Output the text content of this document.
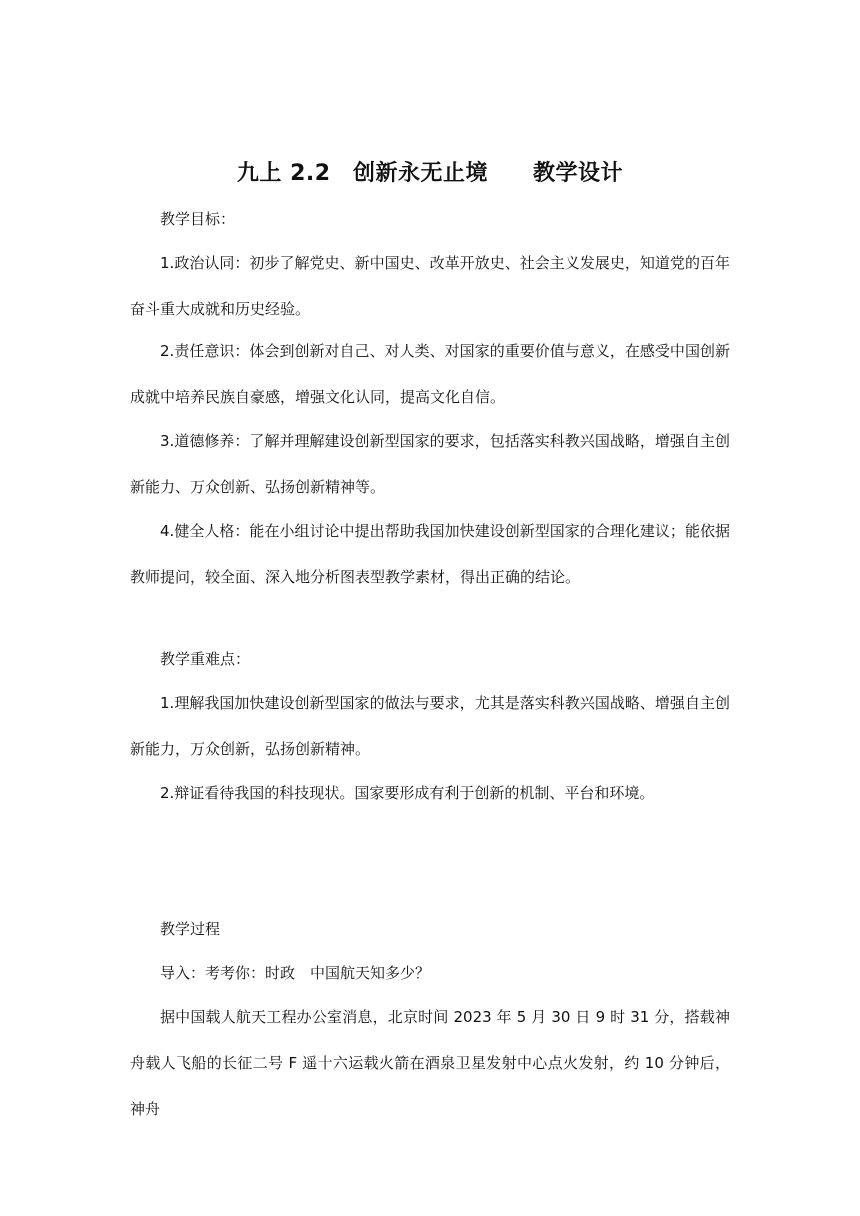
九上 2.2　创新永无止境　　教学设计
教学目标：
1.政治认同：初步了解党史、新中国史、改革开放史、社会主义发展史，知道党的百年奋斗重大成就和历史经验。
2.责任意识：体会到创新对自己、对人类、对国家的重要价值与意义，在感受中国创新成就中培养民族自豪感，增强文化认同，提高文化自信。
3.道德修养：了解并理解建设创新型国家的要求，包括落实科教兴国战略，增强自主创新能力、万众创新、弘扬创新精神等。
4.健全人格：能在小组讨论中提出帮助我国加快建设创新型国家的合理化建议；能依据教师提问，较全面、深入地分析图表型教学素材，得出正确的结论。
教学重难点：
1.理解我国加快建设创新型国家的做法与要求，尤其是落实科教兴国战略、增强自主创新能力，万众创新，弘扬创新精神。
2.辩证看待我国的科技现状。国家要形成有利于创新的机制、平台和环境。
教学过程
导入：考考你：时政　中国航天知多少？
据中国载人航天工程办公室消息，北京时间 2023 年 5 月 30 日 9 时 31 分，搭载神舟载人飞船的长征二号 F 遥十六运载火箭在酒泉卫星发射中心点火发射，约 10 分钟后，神舟
